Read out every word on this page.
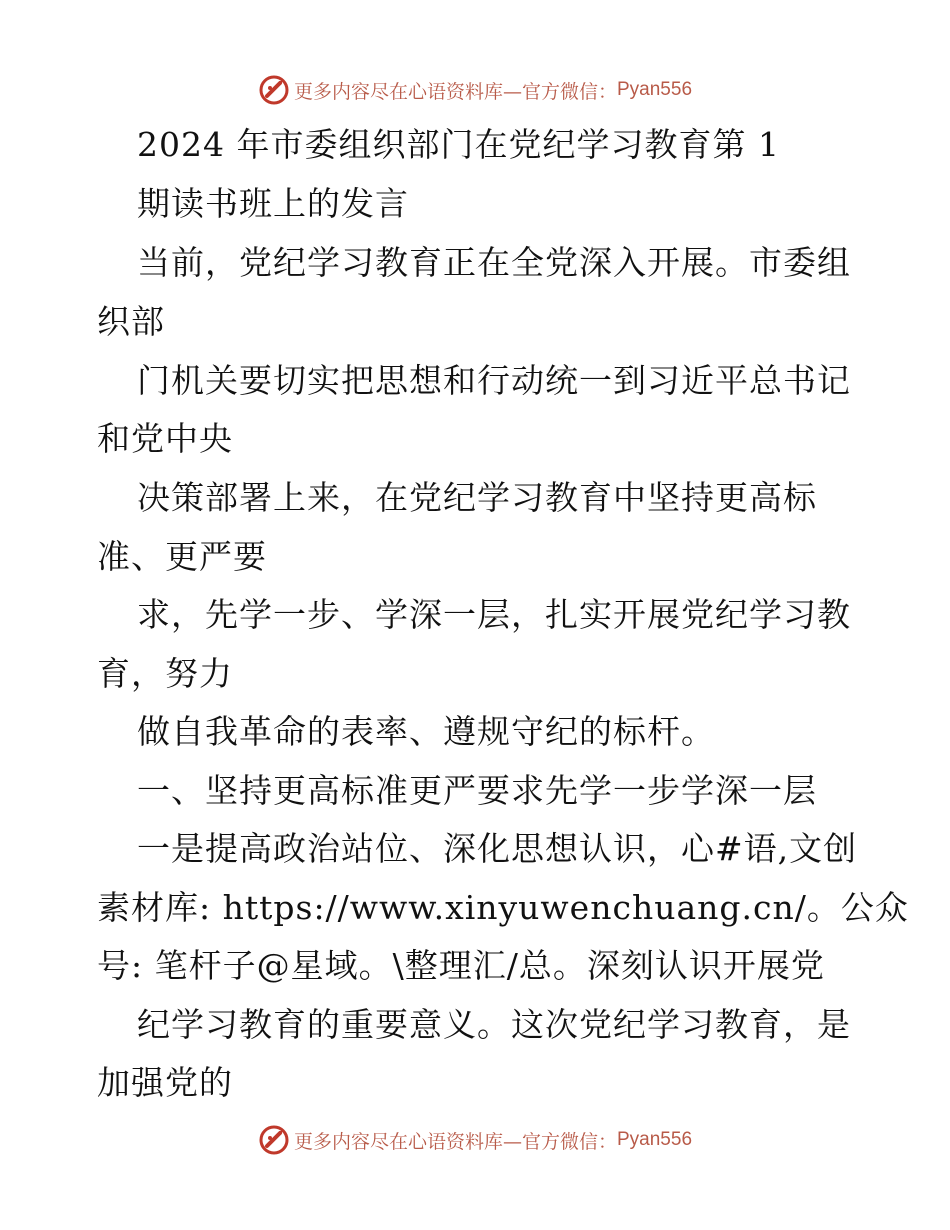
更多内容尽在心语资料库— 官方微信： Pyan556
2024 年市委组织部门在党纪学习教育第 1
期读书班上的发言
当前，党纪学习教育正在全党深入开展。市委组
织部
门机关要切实把思想和行动统一到习近平总书记
和党中央
决策部署上来，在党纪学习教育中坚持更高标
准、更严要
求，先学一步、学深一层，扎实开展党纪学习教
育，努力
做自我革命的表率、遵规守纪的标杆。
一、坚持更高标准更严要求先学一步学深一层
一是提高政治站位、深化思想认识，心#语,文创
素材库: https://www.xinyuwenchuang.cn/。公众
号: 笔杆子@星域。\整理汇/总。深刻认识开展党
纪学习教育的重要意义。这次党纪学习教育，是
加强党的
更多内容尽在心语资料库— 官方微信： Pyan556
